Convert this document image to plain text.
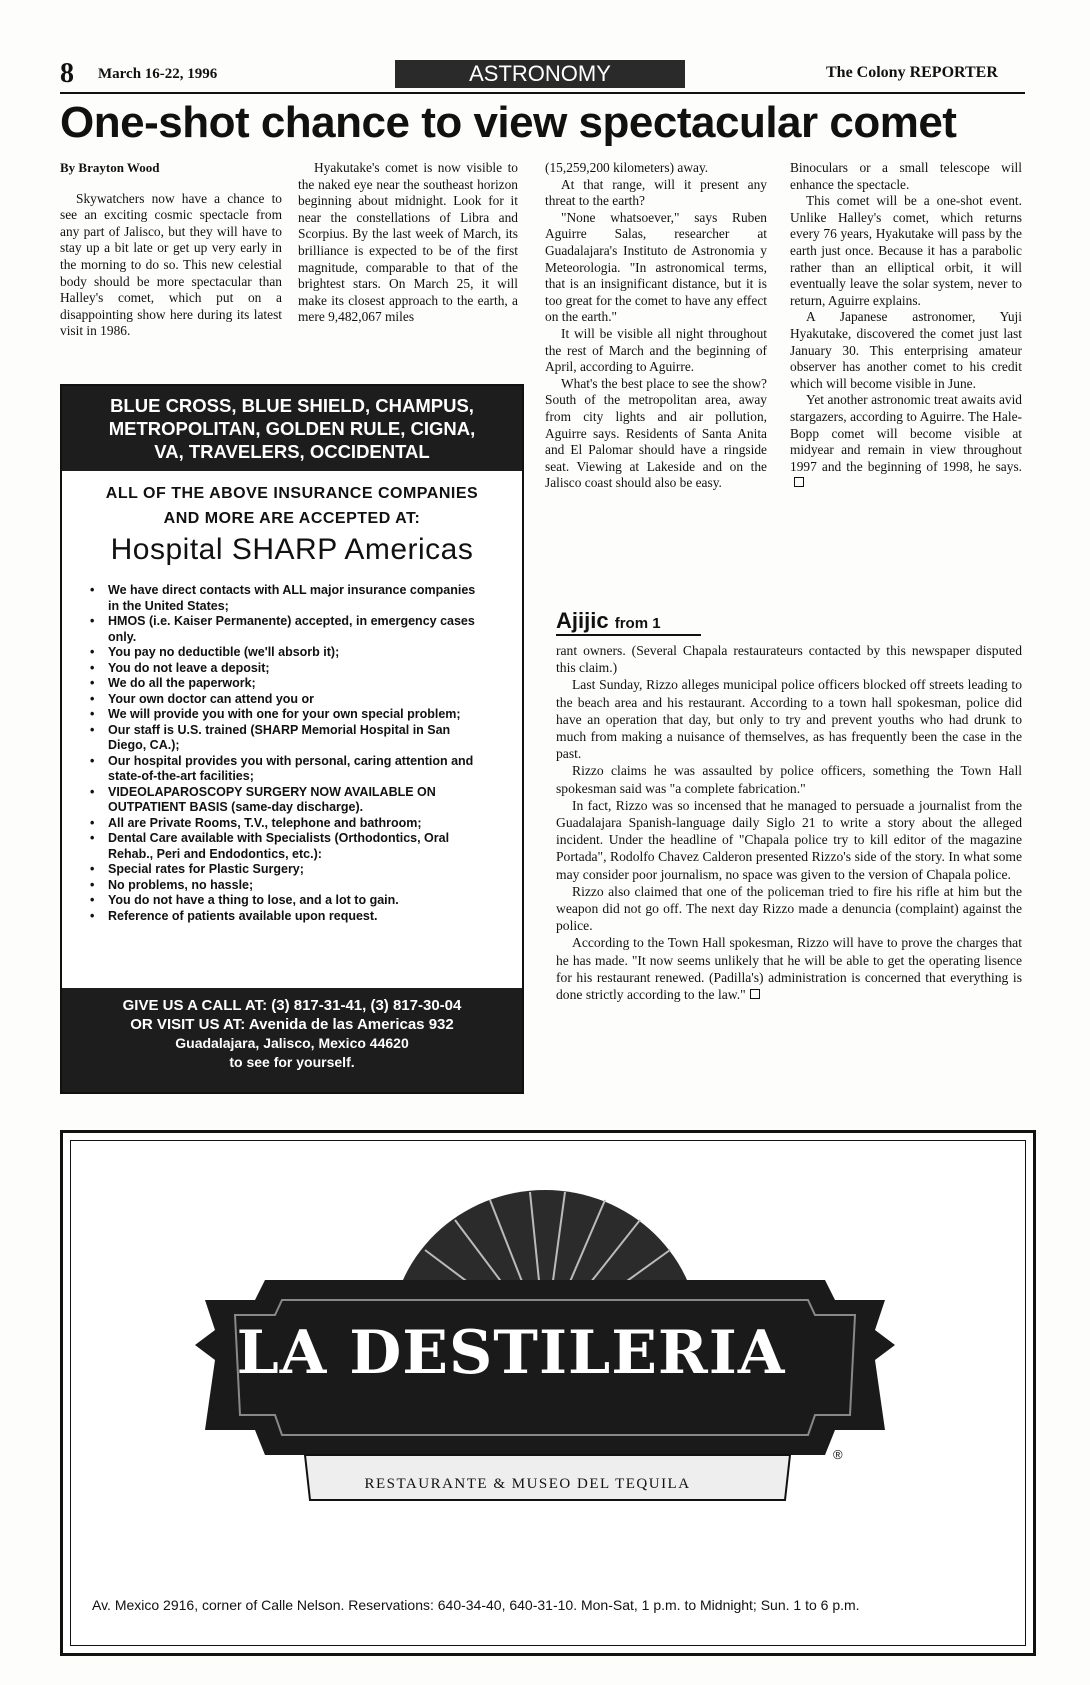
8 March 16-22, 1996	ASTRONOMY	The Colony REPORTER
One-shot chance to view spectacular comet

By Brayton Wood

Skywatchers now have a chance to see an exciting cosmic spectacle from any part of Jalisco, but they will have to stay up a bit late or get up very early in the morning to do so. This new celestial body should be more spectacular than Halley's comet, which put on a disappointing show here during its latest visit in 1986.

Hyakutake's comet is now visible to the naked eye near the southeast horizon beginning about midnight. Look for it near the constellations of Libra and Scorpius. By the last week of March, its brilliance is expected to be of the first magnitude, comparable to that of the brightest stars. On March 25, it will make its closest approach to the earth, a mere 9,482,067 miles

(15,259,200 kilometers) away.

At that range, will it present any threat to the earth?

"None whatsoever," says Ruben Aguirre Salas, researcher at Guadalajara's Instituto de Astronomia y Meteorologia. "In astronomical terms, that is an insignificant distance, but it is too great for the comet to have any effect on the earth."

It will be visible all night throughout the rest of March and the beginning of April, according to Aguirre.

What's the best place to see the show? South of the metropolitan area, away from city lights and air pollution, Aguirre says. Residents of Santa Anita and El Palomar should have a ringside seat. Viewing at Lakeside and on the Jalisco coast should also be easy.

Binoculars or a small telescope will enhance the spectacle.

This comet will be a one-shot event. Unlike Halley's comet, which returns every 76 years, Hyakutake will pass by the earth just once. Because it has a parabolic rather than an elliptical orbit, it will eventually leave the solar system, never to return, Aguirre explains.

A Japanese astronomer, Yuji Hyakutake, discovered the comet just last January 30. This enterprising amateur observer has another comet to his credit which will become visible in June.

Yet another astronomic treat awaits avid stargazers, according to Aguirre. The Hale-Bopp comet will become visible at midyear and remain in view throughout 1997 and the beginning of 1998, he says.

BLUE CROSS, BLUE SHIELD, CHAMPUS,
METROPOLITAN, GOLDEN RULE, CIGNA,
VA, TRAVELERS, OCCIDENTAL
ALL OF THE ABOVE INSURANCE COMPANIES
AND MORE ARE ACCEPTED AT:
Hospital SHARP Americas
• We have direct contacts with ALL major insurance companies in the United States;
• HMOS (i.e. Kaiser Permanente) accepted, in emergency cases only.
• You pay no deductible (we'll absorb it);
• You do not leave a deposit;
• We do all the paperwork;
• Your own doctor can attend you or
• We will provide you with one for your own special problem;
• Our staff is U.S. trained (SHARP Memorial Hospital in San Diego, CA.);
• Our hospital provides you with personal, caring attention and state-of-the-art facilities;
• VIDEOLAPAROSCOPY SURGERY NOW AVAILABLE ON OUTPATIENT BASIS (same-day discharge).
• All are Private Rooms, T.V., telephone and bathroom;
• Dental Care available with Specialists (Orthodontics, Oral Rehab., Peri and Endodontics, etc.):
• Special rates for Plastic Surgery;
• No problems, no hassle;
• You do not have a thing to lose, and a lot to gain.
• Reference of patients available upon request.
GIVE US A CALL AT: (3) 817-31-41, (3) 817-30-04
OR VISIT US AT: Avenida de las Americas 932
Guadalajara, Jalisco, Mexico 44620
to see for yourself.
Ajijic from 1

rant owners. (Several Chapala restaurateurs contacted by this newspaper disputed this claim.)

Last Sunday, Rizzo alleges municipal police officers blocked off streets leading to the beach area and his restaurant. According to a town hall spokesman, police did have an operation that day, but only to try and prevent youths who had drunk to much from making a nuisance of themselves, as has frequently been the case in the past.

Rizzo claims he was assaulted by police officers, something the Town Hall spokesman said was "a complete fabrication."

In fact, Rizzo was so incensed that he managed to persuade a journalist from the Guadalajara Spanish-language daily Siglo 21 to write a story about the alleged incident. Under the headline of "Chapala police try to kill editor of the magazine Portada", Rodolfo Chavez Calderon presented Rizzo's side of the story. In what some may consider poor journalism, no space was given to the version of Chapala police.

Rizzo also claimed that one of the policeman tried to fire his rifle at him but the weapon did not go off. The next day Rizzo made a denuncia (complaint) against the police.

According to the Town Hall spokesman, Rizzo will have to prove the charges that he has made. "It now seems unlikely that he will be able to get the operating lisence for his restaurant renewed. (Padilla's) administration is concerned that everything is done strictly according to the law."

LA DESTILERIA
RESTAURANTE & MUSEO DEL TEQUILA
®
Av. Mexico 2916, corner of Calle Nelson. Reservations: 640-34-40, 640-31-10. Mon-Sat, 1 p.m. to Midnight; Sun. 1 to 6 p.m.
